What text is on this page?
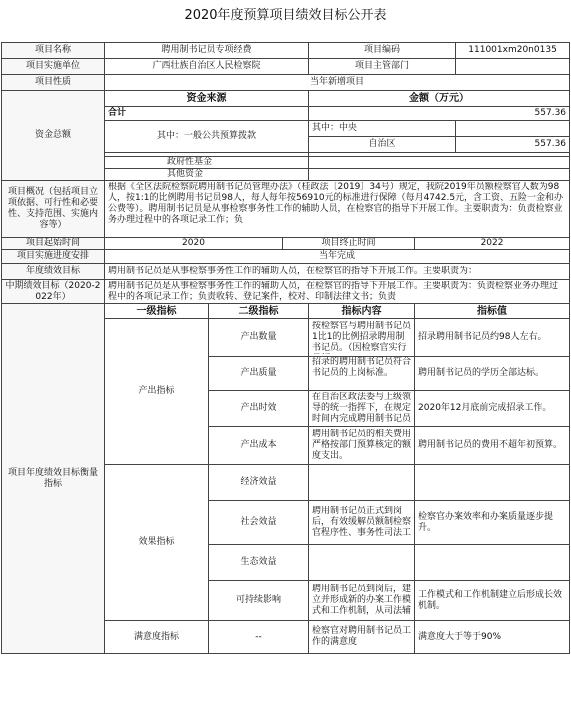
2020年度预算项目绩效目标公开表
项目名称	聘用制书记员专项经费			项目编码		111001xm20n0135
项目实施单位	广西壮族自治区人民检察院			项目主管部门		
项目性质	当年新增项目					
资金总额	资金来源			金额（万元）		
	合计			557.36		
	其中：一般公共预算拨款			其中：中央		
				自治区		557.36

	政府性基金					
	其他资金					
项目概况（包括项目立项依据、可行性和必要性、支持范围、实施内容等）	根据《全区法院检察院聘用制书记员管理办法》（桂政法〔2019〕34号）规定，我院2019年员额检察官人数为98人，按1:1的比例聘用书记员98人，每人每年按56910元的标准进行保障（每月4742.5元，含工资、五险一金和办公费等）。聘用制书记员是从事检察事务性工作的辅助人员，在检察官的指导下开展工作。主要职责为：负责检察业务办理过程中的各项记录工作；负					

项目起始时间	2020		项目终止时间		2022	
项目实施进度安排	当年完成					
年度绩效目标	聘用制书记员是从事检察事务性工作的辅助人员，在检察官的指导下开展工作。主要职责为：					

中期绩效目标（2020-2022年）	聘用制书记员是从事检察事务性工作的辅助人员，在检察官的指导下开展工作。主要职责为：负责检察业务办理过程中的各项记录工作；负责收转、登记案件，校对、印制法律文书；负责					

项目年度绩效目标衡量指标	一级指标	二级指标		指标内容	指标值	
	产出指标	产出数量		按检察官与聘用制书记员1比1的比例招录聘用制书记员。（因检察官实行	招录聘用制书记员约98人左右。	
		产出质量		招录的聘用制书记员符合书记员的上岗标准。	聘用制书记员的学历全部达标。	
		产出时效		在自治区政法委与上级领导的统一指挥下，在规定时间内完成聘用制书记员	2020年12月底前完成招录工作。	
		产出成本		聘用制书记员的相关费用严格按部门预算核定的额度支出。	聘用制书记员的费用不超年初预算。	
	效果指标	经济效益				
		社会效益		聘用制书记员正式到岗后，有效缓解员额制检察官程序性、事务性司法工	检察官办案效率和办案质量逐步提升。	
		生态效益				
		可持续影响		聘用制书记员到岗后，建立并形成新的办案工作模式和工作机制，从司法辅	工作模式和工作机制建立后形成长效机制。	
	满意度指标	--		检察官对聘用制书记员工作的满意度	满意度大于等于90%	
